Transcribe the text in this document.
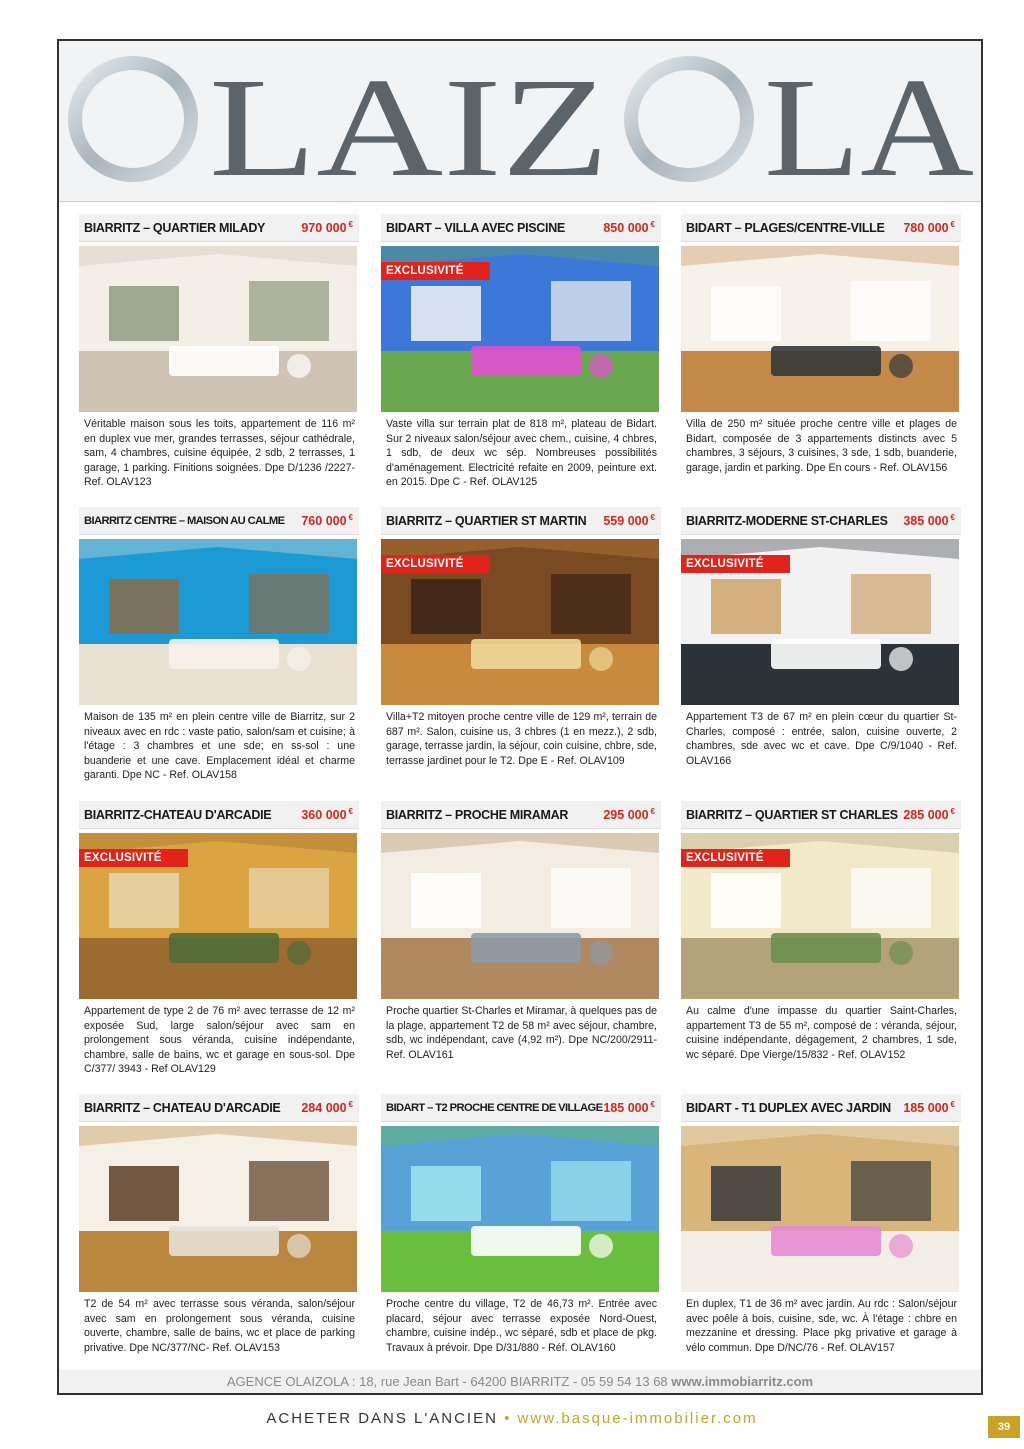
LAIZ LA
BIARRITZ – QUARTIER MILADY	970 000 €
Véritable maison sous les toits, appartement de 116 m² en duplex vue mer, grandes terrasses, séjour cathédrale, sam, 4 chambres, cuisine équipée, 2 sdb, 2 terrasses, 1 garage, 1 parking. Finitions soignées. Dpe D/1236 /2227- Ref. OLAV123
BIDART – VILLA AVEC PISCINE	850 000 €
EXCLUSIVITÉ
Vaste villa sur terrain plat de 818 m², plateau de Bidart. Sur 2 niveaux salon/séjour avec chem., cuisine, 4 chbres, 1 sdb, de deux wc sép. Nombreuses possibilités d'aménagement. Electricité refaite en 2009, peinture ext. en 2015. Dpe C - Ref. OLAV125
BIDART – PLAGES/CENTRE-VILLE 780 000 €
Villa de 250 m² située proche centre ville et plages de Bidart, composée de 3 appartements distincts avec 5 chambres, 3 séjours, 3 cuisines, 3 sde, 1 sdb, buanderie, garage, jardin et parking. Dpe En cours - Ref. OLAV156
BIARRITZ CENTRE – MAISON AU CALME 760 000 €
Maison de 135 m² en plein centre ville de Biarritz, sur 2 niveaux avec en rdc : vaste patio, salon/sam et cuisine; à l'étage : 3 chambres et une sde; en ss-sol : une buanderie et une cave. Emplacement idéal et charme garanti. Dpe NC - Ref. OLAV158
BIARRITZ – QUARTIER ST MARTIN 559 000 €
EXCLUSIVITÉ
Villa+T2 mitoyen proche centre ville de 129 m², terrain de 687 m². Salon, cuisine us, 3 chbres (1 en mezz.), 2 sdb, garage, terrasse jardin, la séjour, coin cuisine, chbre, sde, terrasse jardinet pour le T2. Dpe E - Ref. OLAV109
BIARRITZ-MODERNE ST-CHARLES 385 000 €
EXCLUSIVITÉ
Appartement T3 de 67 m² en plein cœur du quartier St-Charles, composé : entrée, salon, cuisine ouverte, 2 chambres, sde avec wc et cave. Dpe C/9/1040 - Ref. OLAV166
BIARRITZ-CHATEAU D'ARCADIE 360 000 €
EXCLUSIVITÉ
Appartement de type 2 de 76 m² avec terrasse de 12 m² exposée Sud, large salon/séjour avec sam en prolongement sous véranda, cuisine indépendante, chambre, salle de bains, wc et garage en sous-sol. Dpe C/377/ 3943 - Ref OLAV129
BIARRITZ – PROCHE MIRAMAR	295 000 €
Proche quartier St-Charles et Miramar, à quelques pas de la plage, appartement T2 de 58 m² avec séjour, chambre, sdb, wc indépendant, cave (4,92 m²). Dpe NC/200/2911- Ref. OLAV161
BIARRITZ – QUARTIER ST CHARLES 285 000 €
EXCLUSIVITÉ
Au calme d'une impasse du quartier Saint-Charles, appartement T3 de 55 m², composé de : véranda, séjour, cuisine indépendante, dégagement, 2 chambres, 1 sde, wc séparé. Dpe Vierge/15/832 - Ref. OLAV152
BIARRITZ – CHATEAU D'ARCADIE 284 000 €
T2 de 54 m² avec terrasse sous véranda, salon/séjour avec sam en prolongement sous véranda, cuisine ouverte, chambre, salle de bains, wc et place de parking privative. Dpe NC/377/NC- Ref. OLAV153
BIDART – T2 PROCHE CENTRE DE VILLAGE 185 000 €
Proche centre du village, T2 de 46,73 m². Entrée avec placard, séjour avec terrasse exposée Nord-Ouest, chambre, cuisine indép., wc séparé, sdb et place de pkg. Travaux à prévoir. Dpe D/31/880 - Réf. OLAV160
BIDART - T1 DUPLEX AVEC JARDIN 185 000 €
En duplex, T1 de 36 m² avec jardin. Au rdc : Salon/séjour avec poêle à bois, cuisine, sde, wc. À l'étage : chbre en mezzanine et dressing. Place pkg privative et garage à vélo commun. Dpe D/NC/76 - Ref. OLAV157
AGENCE OLAIZOLA : 18, rue Jean Bart - 64200 BIARRITZ - 05 59 54 13 68 www.immobiarritz.com
ACHETER DANS L'ANCIEN • www.basque-immobilier.com	39
